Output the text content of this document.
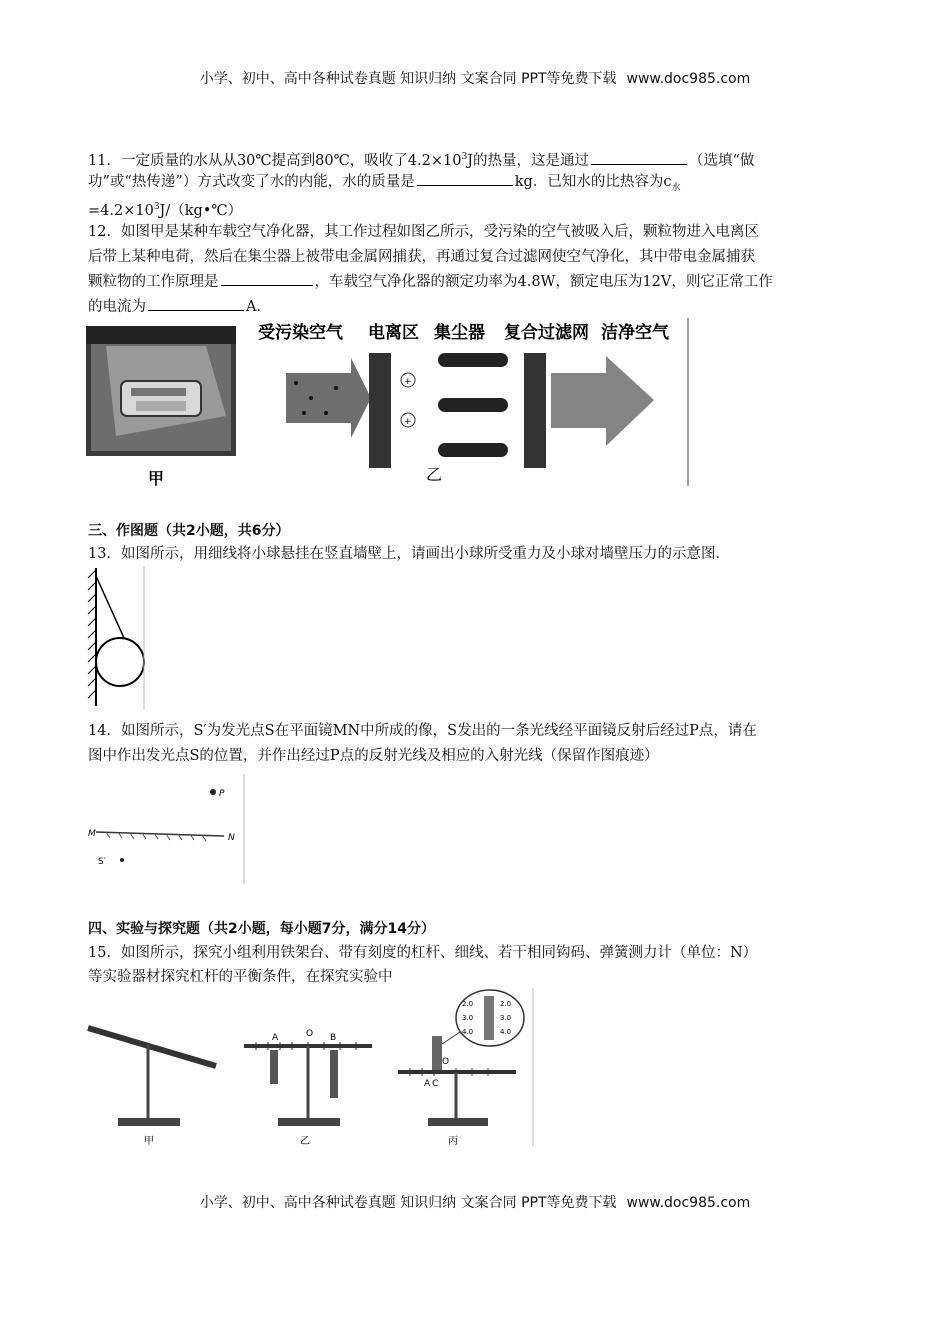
小学、初中、高中各种试卷真题 知识归纳 文案合同 PPT等免费下载 www.doc985.com
11．一定质量的水从从30℃提高到80℃，吸收了$4.2\times 10^3J$的热量，这是通过	（选填“做
功”或“热传递”）方式改变了水的内能，水的质量是	kg．已知水的比热容为$c_水$
$=4.2\times 10^3J/(kg•℃)$
12．如图甲是某种车载空气净化器，其工作过程如图乙所示，受污染的空气被吸入后，颗粒物进入电离区
后带上某种电荷，然后在集尘器上被带电金属网捕获，再通过复合过滤网使空气净化，其中带电金属捕获
颗粒物的工作原理是	，车载空气净化器的额定功率为4.8W，额定电压为12V，则它正常工作
的电流为	A．
甲
受污染空气 电离区 集尘器 复合过滤网 洁净空气
+
+
乙
三、作图题（共2小题，共6分）
13．如图所示，用细线将小球悬挂在竖直墙壁上，请画出小球所受重力及小球对墙壁压力的示意图．
14．如图所示，S′为发光点S在平面镜MN中所成的像，S发出的一条光线经平面镜反射后经过P点，请在
图中作出发光点S的位置，并作出经过P点的反射光线及相应的入射光线（保留作图痕迹）
P
M	N
S′
四、实验与探究题（共2小题，每小题7分，满分14分）
15．如图所示，探究小组利用铁架台、带有刻度的杠杆、细线、若干相同钩码、弹簧测力计（单位：N）
等实验器材探究杠杆的平衡条件，在探究实验中
甲
A	O B
乙
A C
O
2.0
3.0
4.0
2.0
3.0
4.0
丙
小学、初中、高中各种试卷真题 知识归纳 文案合同 PPT等免费下载 www.doc985.com
